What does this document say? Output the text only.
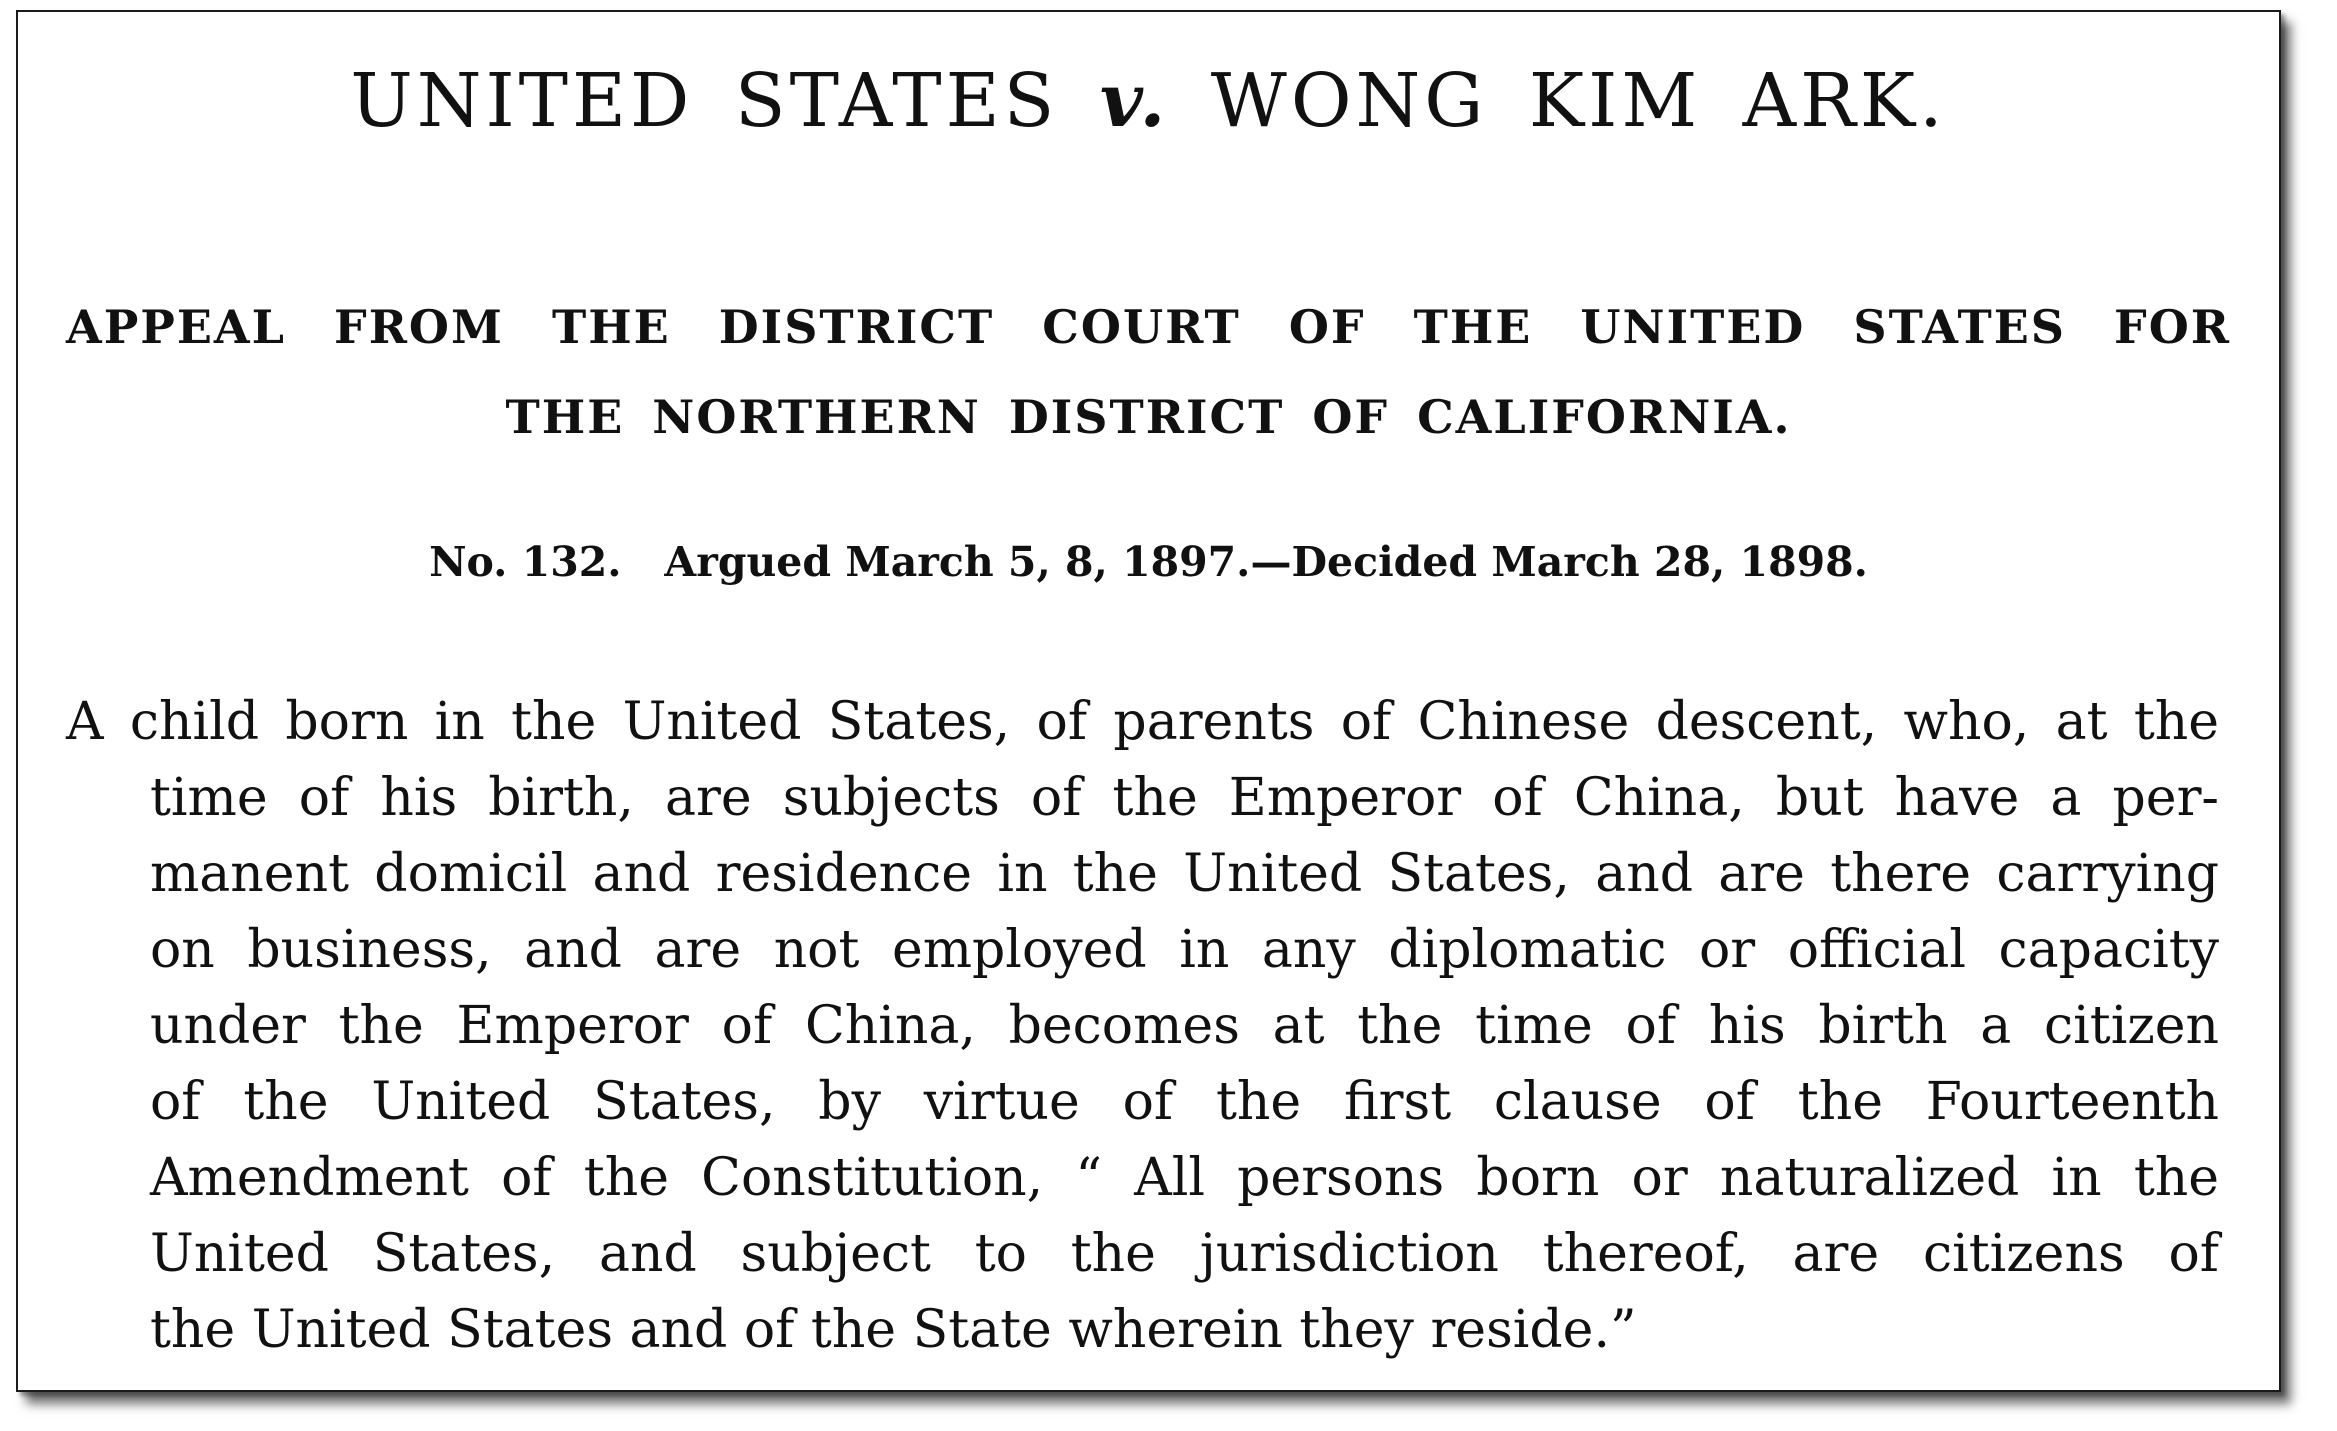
UNITED STATES v. WONG KIM ARK.
APPEAL FROM THE DISTRICT COURT OF THE UNITED STATES FOR
THE NORTHERN DISTRICT OF CALIFORNIA.
No. 132. Argued March 5, 8, 1897.—Decided March 28, 1898.
A child born in the United States, of parents of Chinese descent, who, at the
time of his birth, are subjects of the Emperor of China, but have a per-
manent domicil and residence in the United States, and are there carrying
on business, and are not employed in any diplomatic or official capacity
under the Emperor of China, becomes at the time of his birth a citizen
of the United States, by virtue of the first clause of the Fourteenth
Amendment of the Constitution, “ All persons born or naturalized in the
United States, and subject to the jurisdiction thereof, are citizens of
the United States and of the State wherein they reside.”
